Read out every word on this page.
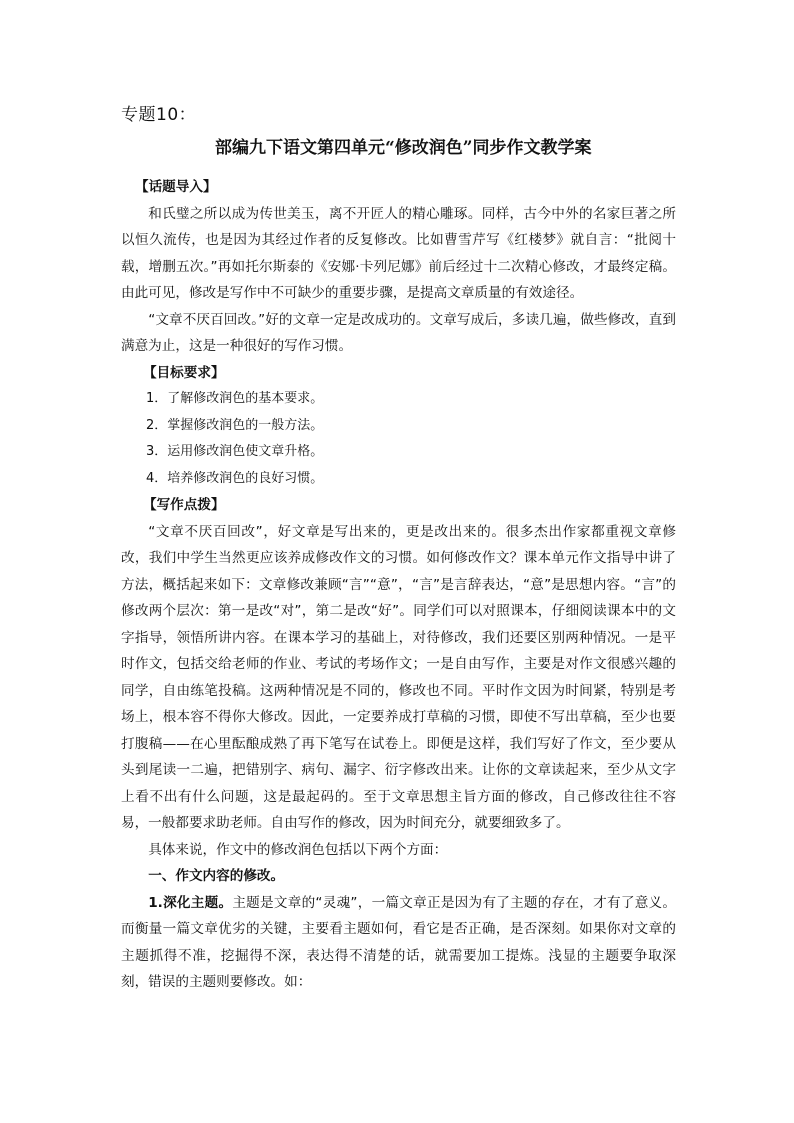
专题10：
部编九下语文第四单元“修改润色”同步作文教学案

【话题导入】

和氏璧之所以成为传世美玉，离不开匠人的精心雕琢。同样，古今中外的名家巨著之所以恒久流传，也是因为其经过作者的反复修改。比如曹雪芹写《红楼梦》就自言：“批阅十载，增删五次。”再如托尔斯泰的《安娜·卡列尼娜》前后经过十二次精心修改，才最终定稿。由此可见，修改是写作中不可缺少的重要步骤，是提高文章质量的有效途径。

“文章不厌百回改。”好的文章一定是改成功的。文章写成后，多读几遍，做些修改，直到满意为止，这是一种很好的写作习惯。

【目标要求】

1．了解修改润色的基本要求。
2．掌握修改润色的一般方法。
3．运用修改润色使文章升格。
4．培养修改润色的良好习惯。

【写作点拨】

“文章不厌百回改”，好文章是写出来的，更是改出来的。很多杰出作家都重视文章修改，我们中学生当然更应该养成修改作文的习惯。如何修改作文？课本单元作文指导中讲了方法，概括起来如下：文章修改兼顾“言”“意”，“言”是言辞表达，“意”是思想内容。“言”的修改两个层次：第一是改“对”，第二是改“好”。同学们可以对照课本，仔细阅读课本中的文字指导，领悟所讲内容。在课本学习的基础上，对待修改，我们还要区别两种情况。一是平时作文，包括交给老师的作业、考试的考场作文；一是自由写作，主要是对作文很感兴趣的同学，自由练笔投稿。这两种情况是不同的，修改也不同。平时作文因为时间紧，特别是考场上，根本容不得你大修改。因此，一定要养成打草稿的习惯，即使不写出草稿，至少也要打腹稿——在心里酝酿成熟了再下笔写在试卷上。即便是这样，我们写好了作文，至少要从头到尾读一二遍，把错别字、病句、漏字、衍字修改出来。让你的文章读起来，至少从文字上看不出有什么问题，这是最起码的。至于文章思想主旨方面的修改，自己修改往往不容易，一般都要求助老师。自由写作的修改，因为时间充分，就要细致多了。

具体来说，作文中的修改润色包括以下两个方面：

一、作文内容的修改。

1.深化主题。主题是文章的“灵魂”，一篇文章正是因为有了主题的存在，才有了意义。而衡量一篇文章优劣的关键，主要看主题如何，看它是否正确，是否深刻。如果你对文章的主题抓得不准，挖掘得不深，表达得不清楚的话，就需要加工提炼。浅显的主题要争取深刻，错误的主题则要修改。如：
